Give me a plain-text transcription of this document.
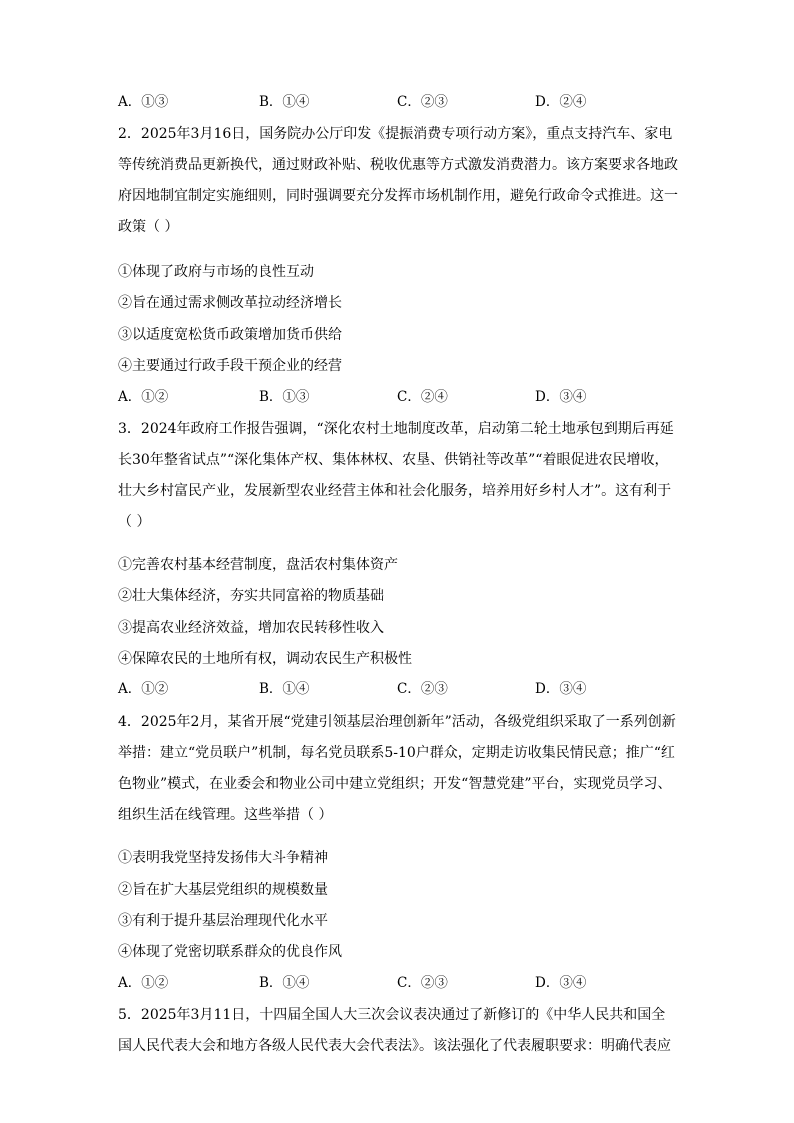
A．①③	B．①④	C．②③	D．②④
2．2025年3月16日，国务院办公厅印发《提振消费专项行动方案》，重点支持汽车、家电
等传统消费品更新换代，通过财政补贴、税收优惠等方式激发消费潜力。该方案要求各地政
府因地制宜制定实施细则，同时强调要充分发挥市场机制作用，避免行政命令式推进。这一
政策（ ）
①体现了政府与市场的良性互动
②旨在通过需求侧改革拉动经济增长
③以适度宽松货币政策增加货币供给
④主要通过行政手段干预企业的经营
A．①②	B．①③	C．②④	D．③④
3．2024年政府工作报告强调，“深化农村土地制度改革，启动第二轮土地承包到期后再延
长30年整省试点”“深化集体产权、集体林权、农垦、供销社等改革”“着眼促进农民增收，
壮大乡村富民产业，发展新型农业经营主体和社会化服务，培养用好乡村人才”。这有利于
（ ）
①完善农村基本经营制度，盘活农村集体资产
②壮大集体经济，夯实共同富裕的物质基础
③提高农业经济效益，增加农民转移性收入
④保障农民的土地所有权，调动农民生产积极性
A．①②	B．①④	C．②③	D．③④
4．2025年2月，某省开展“党建引领基层治理创新年”活动，各级党组织采取了一系列创新
举措：建立“党员联户”机制，每名党员联系5-10户群众，定期走访收集民情民意；推广“红
色物业”模式，在业委会和物业公司中建立党组织；开发“智慧党建”平台，实现党员学习、
组织生活在线管理。这些举措（ ）
①表明我党坚持发扬伟大斗争精神
②旨在扩大基层党组织的规模数量
③有利于提升基层治理现代化水平
④体现了党密切联系群众的优良作风
A．①②	B．①④	C．②③	D．③④
5．2025年3月11日，十四届全国人大三次会议表决通过了新修订的《中华人民共和国全
国人民代表大会和地方各级人民代表大会代表法》。该法强化了代表履职要求：明确代表应
